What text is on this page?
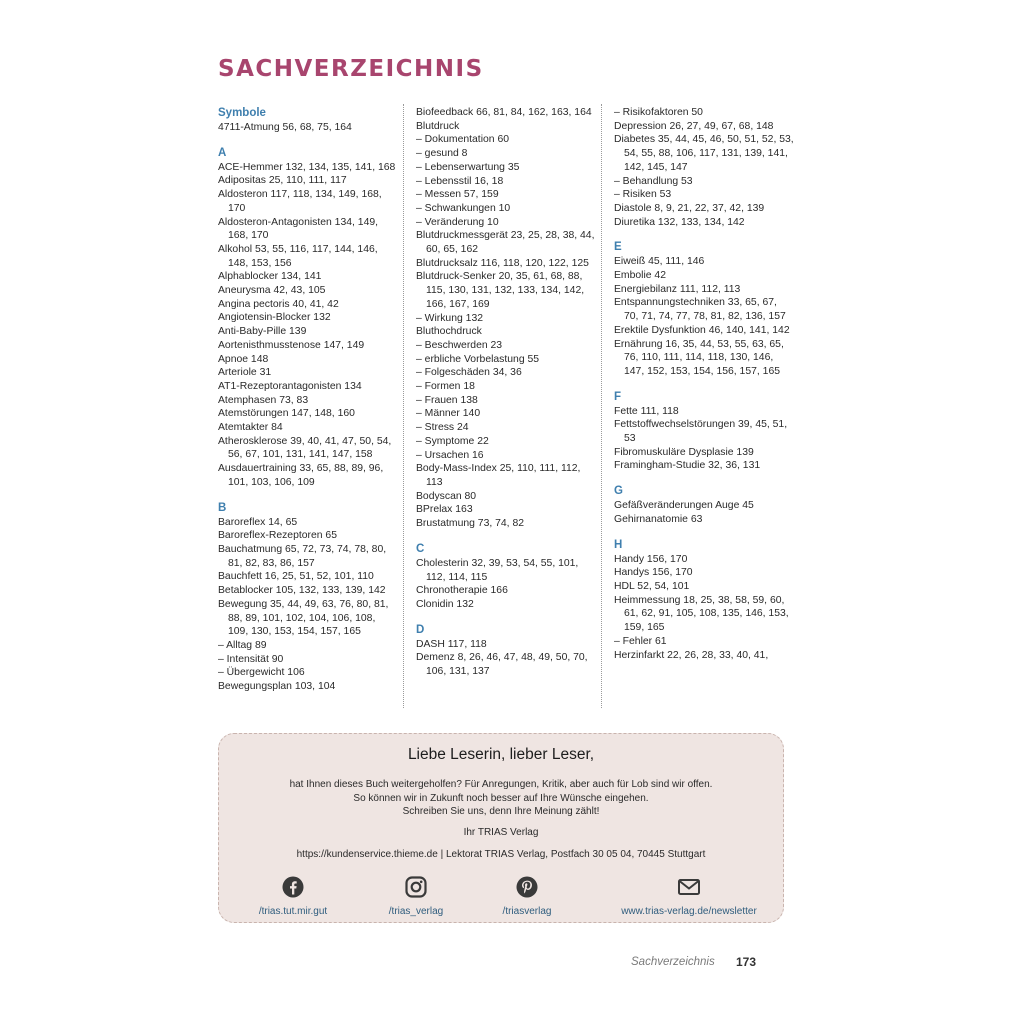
SACHVERZEICHNIS
Symbole
4711-Atmung 56, 68, 75, 164
A
ACE-Hemmer 132, 134, 135, 141, 168
Adipositas 25, 110, 111, 117
Aldosteron 117, 118, 134, 149, 168, 170
Aldosteron-Antagonisten 134, 149, 168, 170
Alkohol 53, 55, 116, 117, 144, 146, 148, 153, 156
Alphablocker 134, 141
Aneurysma 42, 43, 105
Angina pectoris 40, 41, 42
Angiotensin-Blocker 132
Anti-Baby-Pille 139
Aortenisthmusstenose 147, 149
Apnoe 148
Arteriole 31
AT1-Rezeptorantagonisten 134
Atemphasen 73, 83
Atemstörungen 147, 148, 160
Atemtakter 84
Atherosklerose 39, 40, 41, 47, 50, 54, 56, 67, 101, 131, 141, 147, 158
Ausdauertraining 33, 65, 88, 89, 96, 101, 103, 106, 109
B
Baroreflex 14, 65
Baroreflex-Rezeptoren 65
Bauchatmung 65, 72, 73, 74, 78, 80, 81, 82, 83, 86, 157
Bauchfett 16, 25, 51, 52, 101, 110
Betablocker 105, 132, 133, 139, 142
Bewegung 35, 44, 49, 63, 76, 80, 81, 88, 89, 101, 102, 104, 106, 108, 109, 130, 153, 154, 157, 165
– Alltag 89
– Intensität 90
– Übergewicht 106
Bewegungsplan 103, 104
Biofeedback 66, 81, 84, 162, 163, 164
Blutdruck
– Dokumentation 60
– gesund 8
– Lebenserwartung 35
– Lebensstil 16, 18
– Messen 57, 159
– Schwankungen 10
– Veränderung 10
Blutdruckmessgerät 23, 25, 28, 38, 44, 60, 65, 162
Blutdrucksalz 116, 118, 120, 122, 125
Blutdruck-Senker 20, 35, 61, 68, 88, 115, 130, 131, 132, 133, 134, 142, 166, 167, 169
– Wirkung 132
Bluthochdruck
– Beschwerden 23
– erbliche Vorbelastung 55
– Folgeschäden 34, 36
– Formen 18
– Frauen 138
– Männer 140
– Stress 24
– Symptome 22
– Ursachen 16
Body-Mass-Index 25, 110, 111, 112, 113
Bodyscan 80
BPrelax 163
Brustatmung 73, 74, 82
C
Cholesterin 32, 39, 53, 54, 55, 101, 112, 114, 115
Chronotherapie 166
Clonidin 132
D
DASH 117, 118
Demenz 8, 26, 46, 47, 48, 49, 50, 70, 106, 131, 137
– Risikofaktoren 50
Depression 26, 27, 49, 67, 68, 148
Diabetes 35, 44, 45, 46, 50, 51, 52, 53, 54, 55, 88, 106, 117, 131, 139, 141, 142, 145, 147
– Behandlung 53
– Risiken 53
Diastole 8, 9, 21, 22, 37, 42, 139
Diuretika 132, 133, 134, 142
E
Eiweiß 45, 111, 146
Embolie 42
Energiebilanz 111, 112, 113
Entspannungstechniken 33, 65, 67, 70, 71, 74, 77, 78, 81, 82, 136, 157
Erektile Dysfunktion 46, 140, 141, 142
Ernährung 16, 35, 44, 53, 55, 63, 65, 76, 110, 111, 114, 118, 130, 146, 147, 152, 153, 154, 156, 157, 165
F
Fette 111, 118
Fettstoffwechselstörungen 39, 45, 51, 53
Fibromuskuläre Dysplasie 139
Framingham-Studie 32, 36, 131
G
Gefäßveränderungen Auge 45
Gehirnanatomie 63
H
Handy 156, 170
Handys 156, 170
HDL 52, 54, 101
Heimmessung 18, 25, 38, 58, 59, 60, 61, 62, 91, 105, 108, 135, 146, 153, 159, 165
– Fehler 61
Herzinfarkt 22, 26, 28, 33, 40, 41,
Liebe Leserin, lieber Leser,
hat Ihnen dieses Buch weitergeholfen? Für Anregungen, Kritik, aber auch für Lob sind wir offen.
So können wir in Zukunft noch besser auf Ihre Wünsche eingehen.
Schreiben Sie uns, denn Ihre Meinung zählt!
Ihr TRIAS Verlag
https://kundenservice.thieme.de | Lektorat TRIAS Verlag, Postfach 30 05 04, 70445 Stuttgart
/trias.tut.mir.gut	/trias_verlag	/triasverlag	www.trias-verlag.de/newsletter
Sachverzeichnis 173
